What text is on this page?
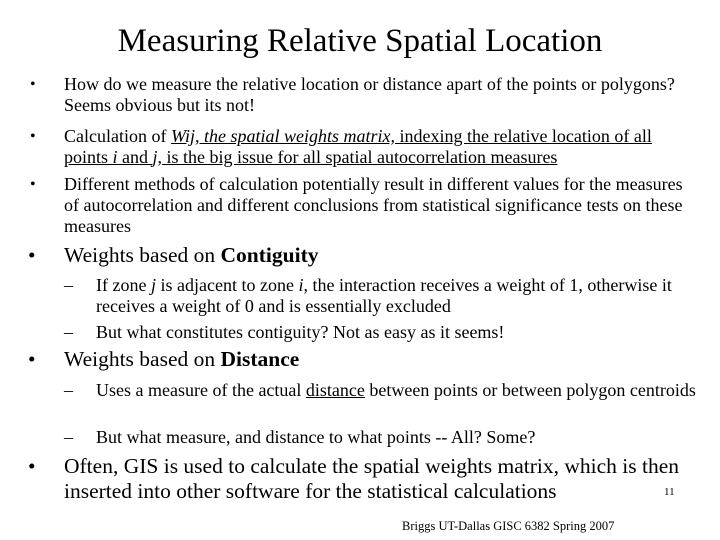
Measuring Relative Spatial Location
• How do we measure the relative location or distance apart of the points or polygons? Seems obvious but its not!
• Calculation of Wij, the spatial weights matrix, indexing the relative location of all points i and j, is the big issue for all spatial autocorrelation measures
• Different methods of calculation potentially result in different values for the measures of autocorrelation and different conclusions from statistical significance tests on these measures
• Weights based on Contiguity
– If zone j is adjacent to zone i, the interaction receives a weight of 1, otherwise it receives a weight of 0 and is essentially excluded
– But what constitutes contiguity? Not as easy as it seems!
• Weights based on Distance
– Uses a measure of the actual distance between points or between polygon centroids
– But what measure, and distance to what points -- All? Some?
• Often, GIS is used to calculate the spatial weights matrix, which is then inserted into other software for the statistical calculations	11
Briggs UT-Dallas GISC 6382 Spring 2007
